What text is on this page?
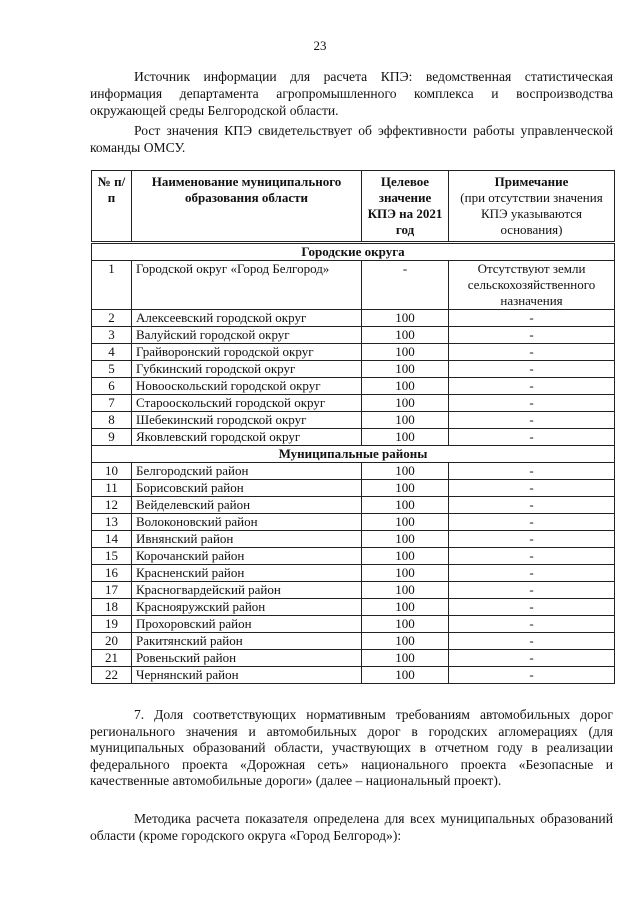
23
Источник информации для расчета КПЭ: ведомственная статистическая информация департамента агропромышленного комплекса и воспроизводства окружающей среды Белгородской области.
Рост значения КПЭ свидетельствует об эффективности работы управленческой команды ОМСУ.
№ п/п	Наименование муниципального образования области	Целевое значение КПЭ на 2021 год	Примечание
(при отсутствии значения КПЭ указываются основания)
Городские округа			
1	Городской округ «Город Белгород»	-	Отсутствуют земли сельскохозяйственного назначения
2	Алексеевский городской округ	100	-
3	Валуйский городской округ	100	-
4	Грайворонский городской округ	100	-
5	Губкинский городской округ	100	-
6	Новооскольский городской округ	100	-
7	Старооскольский городской округ	100	-
8	Шебекинский городской округ	100	-
9	Яковлевский городской округ	100	-
Муниципальные районы			
10	Белгородский район	100	-
11	Борисовский район	100	-
12	Вейделевский район	100	-
13	Волоконовский район	100	-
14	Ивнянский район	100	-
15	Корочанский район	100	-
16	Красненский район	100	-
17	Красногвардейский район	100	-
18	Краснояружский район	100	-
19	Прохоровский район	100	-
20	Ракитянский район	100	-
21	Ровеньский район	100	-
22	Чернянский район	100	-
7. Доля соответствующих нормативным требованиям автомобильных дорог регионального значения и автомобильных дорог в городских агломерациях (для муниципальных образований области, участвующих в отчетном году в реализации федерального проекта «Дорожная сеть» национального проекта «Безопасные и качественные автомобильные дороги» (далее – национальный проект).
Методика расчета показателя определена для всех муниципальных образований области (кроме городского округа «Город Белгород»):
